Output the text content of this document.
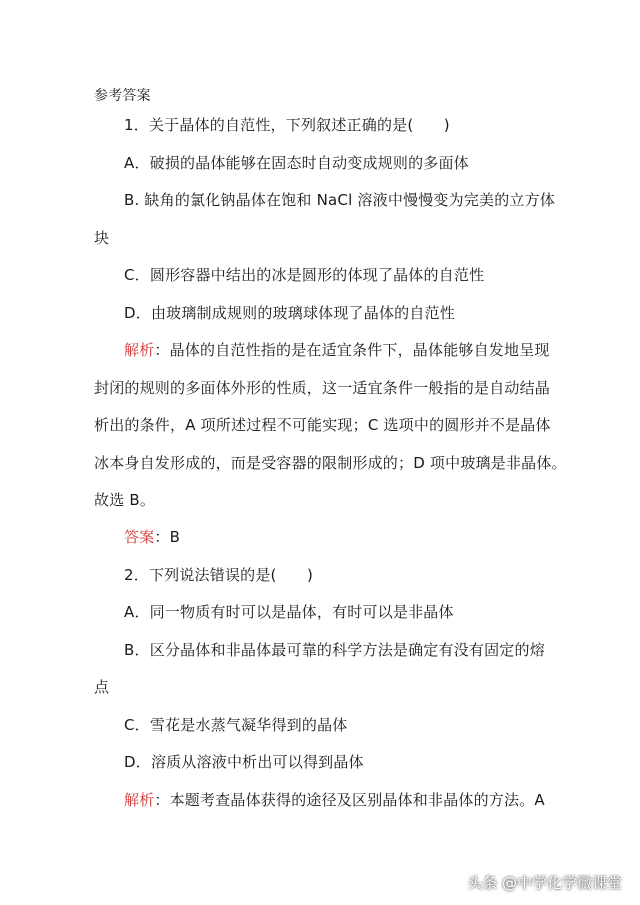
参考答案
1．关于晶体的自范性，下列叙述正确的是(　　)
A．破损的晶体能够在固态时自动变成规则的多面体
B. 缺角的氯化钠晶体在饱和 NaCl 溶液中慢慢变为完美的立方体
块
C．圆形容器中结出的冰是圆形的体现了晶体的自范性
D．由玻璃制成规则的玻璃球体现了晶体的自范性
解析：晶体的自范性指的是在适宜条件下，晶体能够自发地呈现
封闭的规则的多面体外形的性质，这一适宜条件一般指的是自动结晶
析出的条件，A 项所述过程不可能实现；C 选项中的圆形并不是晶体
冰本身自发形成的，而是受容器的限制形成的；D 项中玻璃是非晶体。
故选 B。
答案：B
2．下列说法错误的是(　　)
A．同一物质有时可以是晶体，有时可以是非晶体
B．区分晶体和非晶体最可靠的科学方法是确定有没有固定的熔
点
C．雪花是水蒸气凝华得到的晶体
D．溶质从溶液中析出可以得到晶体
解析：本题考查晶体获得的途径及区别晶体和非晶体的方法。A
头条 @中学化学微课堂
